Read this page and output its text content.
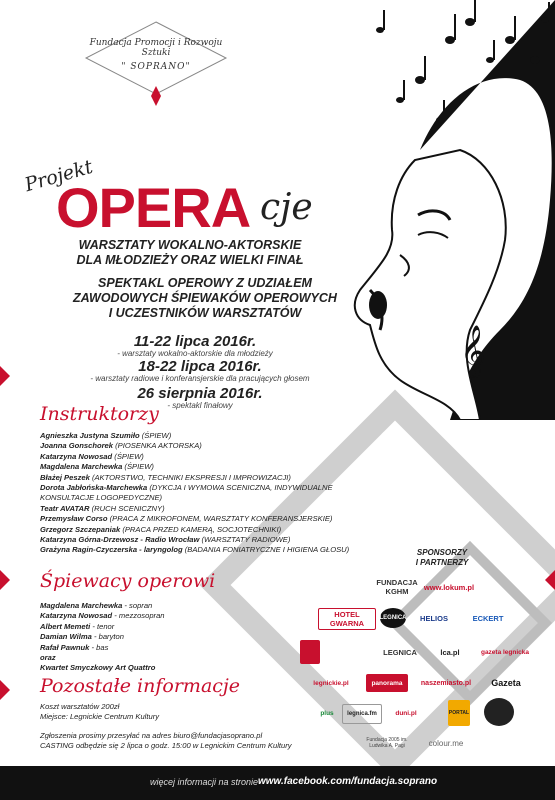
𝄞
Fundacja Promocji i Rozwoju Sztuki
" SOPRANO"
Projekt
OPERA cje
WARSZTATY WOKALNO-AKTORSKIE
DLA MŁODZIEŻY ORAZ WIELKI FINAŁ
SPEKTAKL OPEROWY Z UDZIAŁEM
ZAWODOWYCH ŚPIEWAKÓW OPEROWYCH
I UCZESTNIKÓW WARSZTATÓW
11-22 lipca 2016r.
- warsztaty wokalno-aktorskie dla młodzieży
18-22 lipca 2016r.
- warsztaty radiowe i konferansjerskie dla pracujących głosem
26 sierpnia 2016r.
- spektakl finałowy
Instruktorzy
Agnieszka Justyna Szumiło (ŚPIEW)
Joanna Gonschorek (PIOSENKA AKTORSKA)
Katarzyna Nowosad (ŚPIEW)
Magdalena Marchewka (ŚPIEW)
Błażej Peszek (AKTORSTWO, TECHNIKI EKSPRESJI I IMPROWIZACJI)
Dorota Jabłońska-Marchewka (DYKCJA I WYMOWA SCENICZNA, INDYWIDUALNE KONSULTACJE LOGOPEDYCZNE)
Teatr AVATAR (RUCH SCENICZNY)
Przemysław Corso (PRACA Z MIKROFONEM, WARSZTATY KONFERANSJERSKIE)
Grzegorz Szczepaniak (PRACA PRZED KAMERĄ, SOCJOTECHNIKI)
Katarzyna Górna-Drzewosz - Radio Wrocław (WARSZTATY RADIOWE)
Grażyna Ragin-Czyczerska - laryngolog (BADANIA FONIATRYCZNE I HIGIENA GŁOSU)
Śpiewacy operowi
Magdalena Marchewka - sopran
Katarzyna Nowosad - mezzosopran
Albert Memeti - tenor
Damian Wilma - baryton
Rafał Pawnuk - bas
oraz
Kwartet Smyczkowy Art Quattro
Pozostałe informacje
Koszt warsztatów 200zł
Miejsce: Legnickie Centrum Kultury
Zgłoszenia prosimy przesyłać na adres biuro@fundacjasoprano.pl
CASTING odbędzie się 2 lipca o godz. 15:00 w Legnickim Centrum Kultury
SPONSORZY
I PARTNERZY
FUNDACJA KGHM	www.lokum.pl
HOTEL GWARNA
LEGNICA	HELIOS	ECKERT
LEGNICA	lca.pl	gazeta legnicka
legnickie.pl	panorama	naszemiasto.pl	Gazeta
plus	legnica.fm	duni.pl	PORTAL
Fundacja 2005 im. Ludwika A. Pagi	colour.me
więcej informacji na stronie www.facebook.com/fundacja.soprano
